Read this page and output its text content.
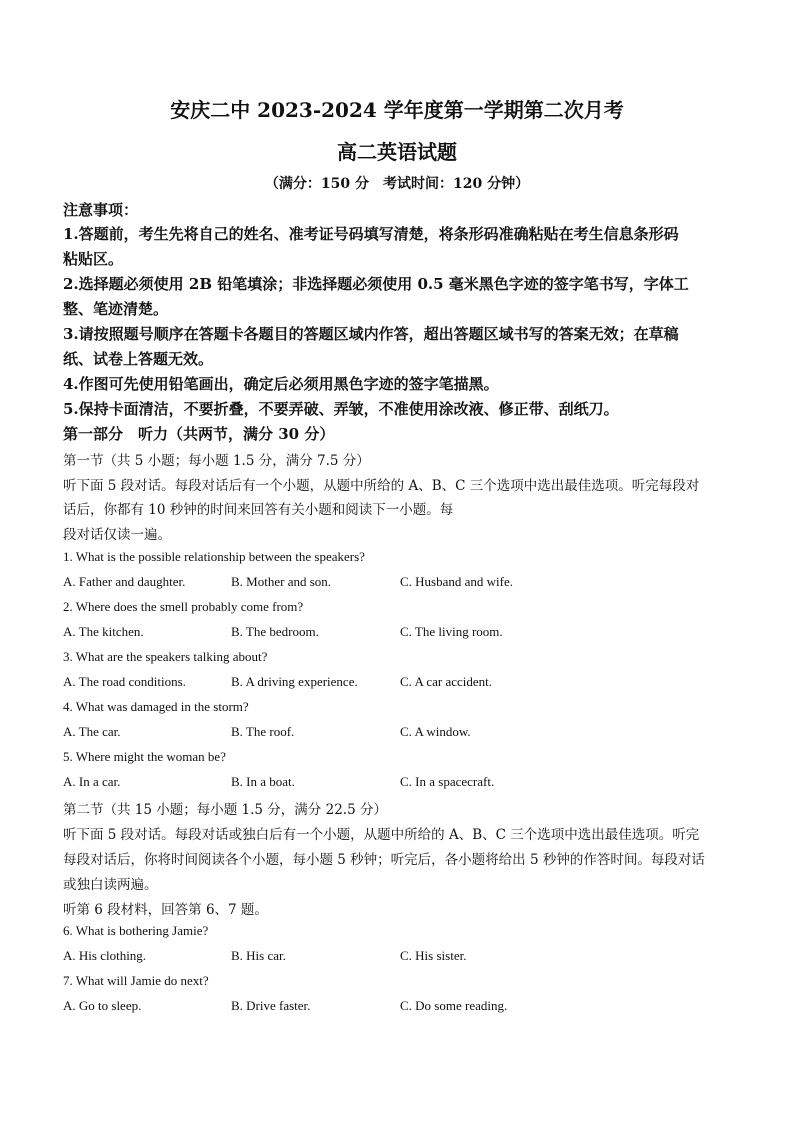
安庆二中 2023-2024 学年度第一学期第二次月考
高二英语试题
（满分：150 分　考试时间：120 分钟）
注意事项：
1.答题前，考生先将自己的姓名、准考证号码填写清楚，将条形码准确粘贴在考生信息条形码
粘贴区。
2.选择题必须使用 2B 铅笔填涂；非选择题必须使用 0.5 毫米黑色字迹的签字笔书写，字体工
整、笔迹清楚。
3.请按照题号顺序在答题卡各题目的答题区域内作答，超出答题区域书写的答案无效；在草稿
纸、试卷上答题无效。
4.作图可先使用铅笔画出，确定后必须用黑色字迹的签字笔描黑。
5.保持卡面清洁，不要折叠，不要弄破、弄皱，不准使用涂改液、修正带、刮纸刀。
第一部分　听力（共两节，满分 30 分）
第一节（共 5 小题；每小题 1.5 分，满分 7.5 分）
听下面 5 段对话。每段对话后有一个小题，从题中所给的 A、B、C 三个选项中选出最佳选项。听完每段对
话后，你都有 10 秒钟的时间来回答有关小题和阅读下一小题。每
段对话仅读一遍。
1. What is the possible relationship between the speakers?
A. Father and daughter.	B. Mother and son.	C. Husband and wife.
2. Where does the smell probably come from?
A. The kitchen.	B. The bedroom.	C. The living room.
3. What are the speakers talking about?
A. The road conditions.	B. A driving experience.	C. A car accident.
4. What was damaged in the storm?
A. The car.	B. The roof.	C. A window.
5. Where might the woman be?
A. In a car.	B. In a boat.	C. In a spacecraft.
第二节（共 15 小题；每小题 1.5 分，满分 22.5 分）
听下面 5 段对话。每段对话或独白后有一个小题，从题中所给的 A、B、C 三个选项中选出最佳选项。听完
每段对话后，你将时间阅读各个小题，每小题 5 秒钟；听完后，各小题将给出 5 秒钟的作答时间。每段对话
或独白读两遍。
听第 6 段材料，回答第 6、7 题。
6. What is bothering Jamie?
A. His clothing.	B. His car.	C. His sister.
7. What will Jamie do next?
A. Go to sleep.	B. Drive faster.	C. Do some reading.
